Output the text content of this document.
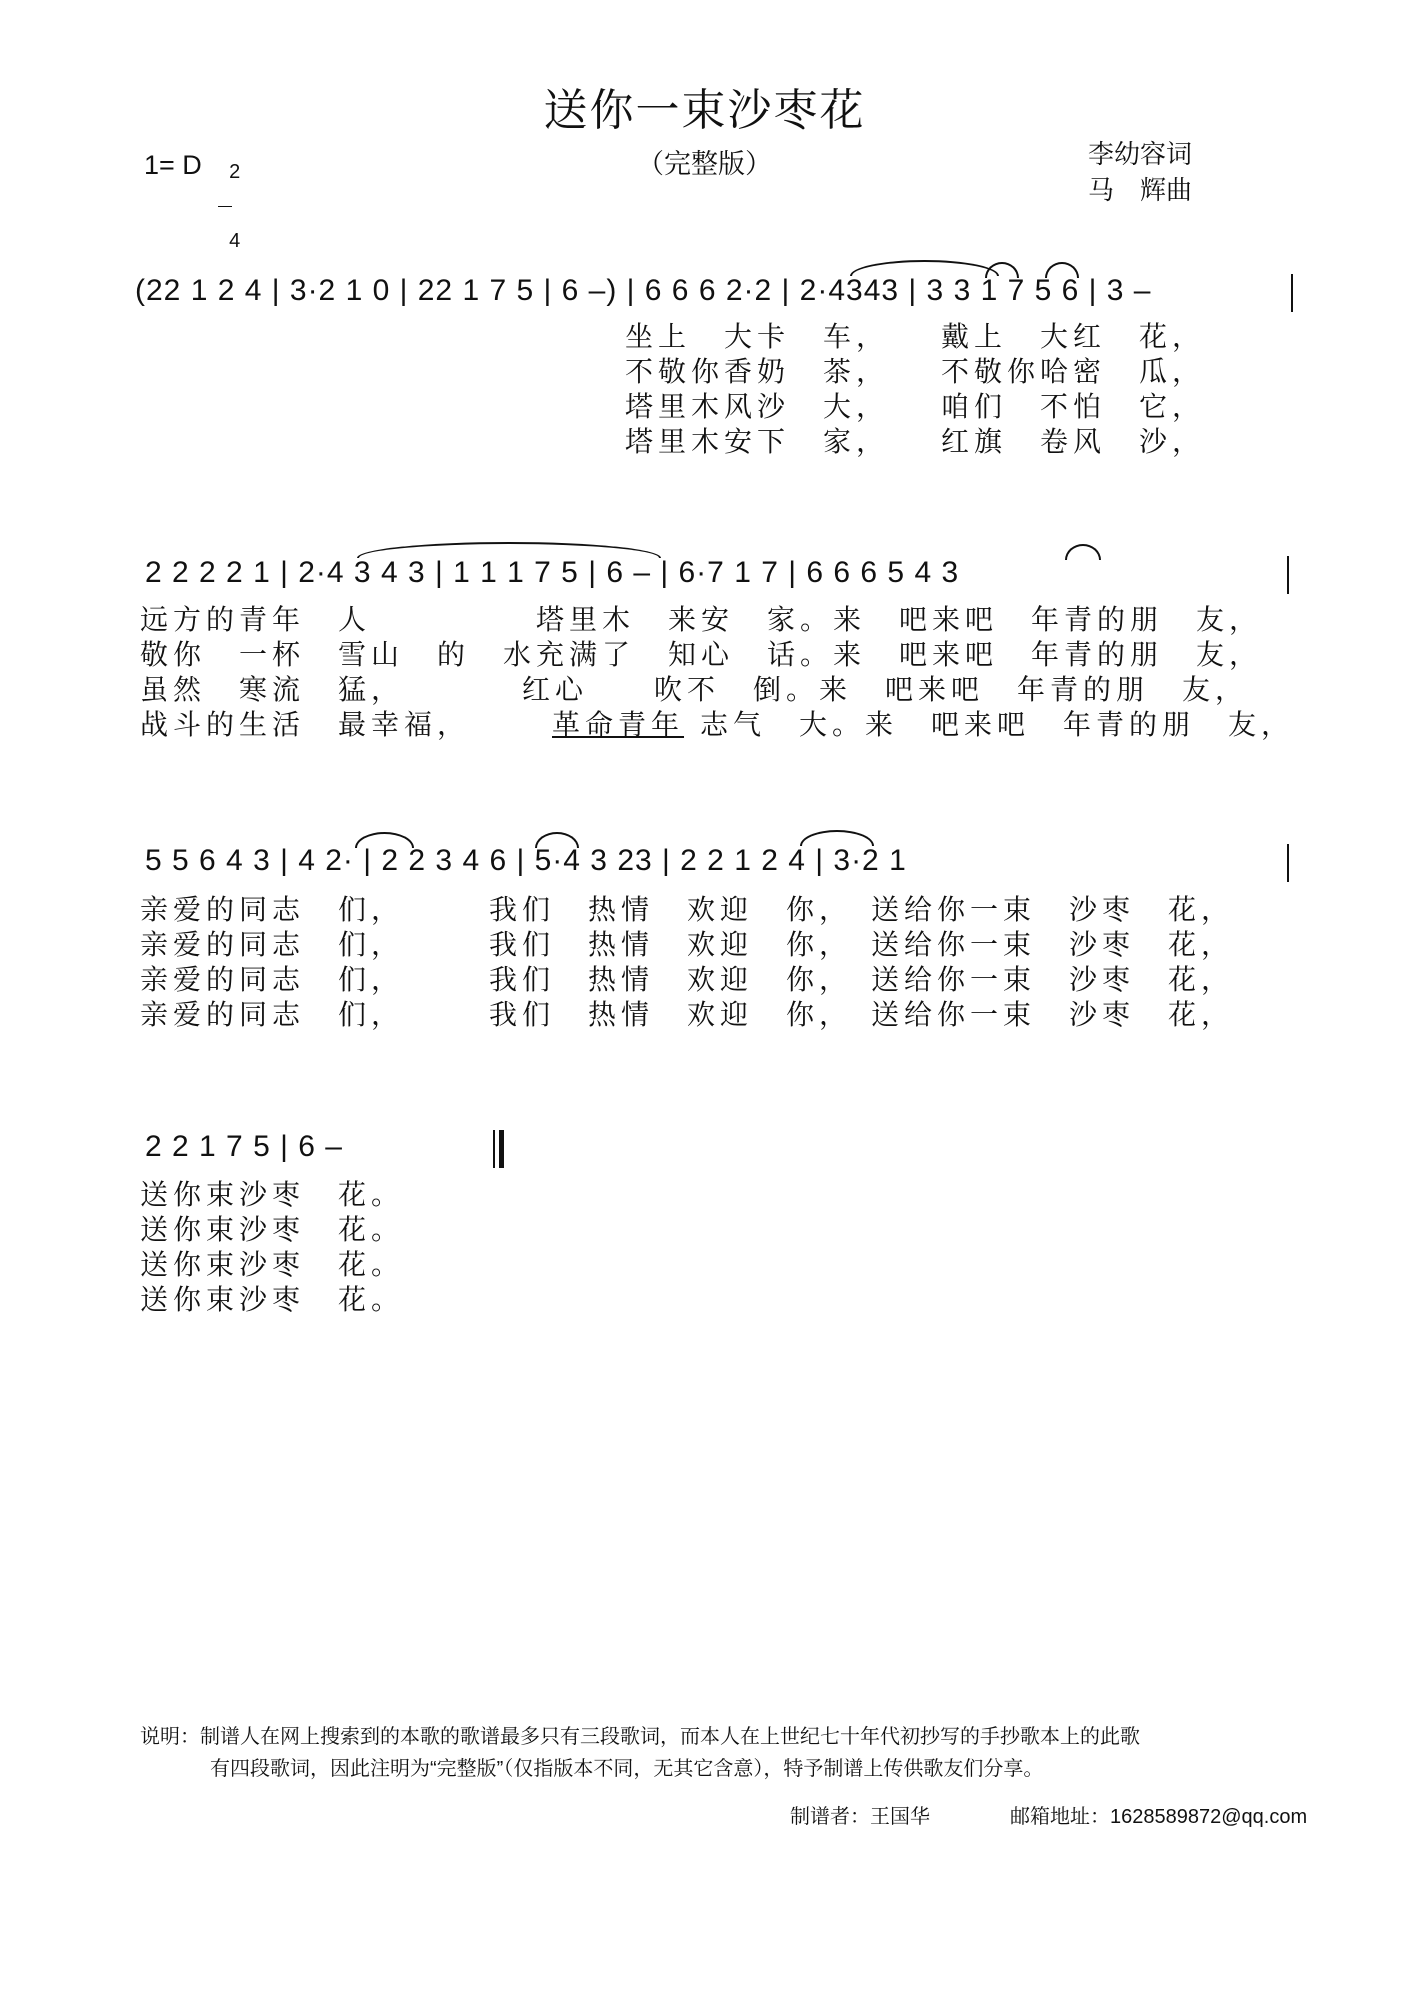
送你一束沙枣花
（完整版）
1= D	2

4

李幼容词
马　辉曲
(22 1 2 4 | 3·2 1 0 | 22 1 7 5 | 6 –) | 6 6 6 2·2 | 2·4343 | 3 3 1 7 5 6 | 3 –
坐上　大卡　车，　　戴上　大红　花，
不敬你香奶　茶，　　不敬你哈密　瓜，
塔里木风沙　大，　　咱们　不怕　它，
塔里木安下　家，　　红旗　卷风　沙，
2 2 2 2 1 | 2·4 3 4 3 | 1 1 1 7 5 | 6 – | 6·7 1 7 | 6 6 6 5 4 3
远方的青年　人　　　　　塔里木　来安　家。来　吧来吧　年青的朋　友，
敬你　一杯　雪山　的　水充满了　知心　话。来　吧来吧　年青的朋　友，
虽然　寒流　猛，　　　　红心　　吹不　倒。来　吧来吧　年青的朋　友，
战斗的生活　最幸福，	革命青年 志气　大。来　吧来吧　年青的朋　友，
5 5 6 4 3 | 4 2· | 2 2 3 4 6 | 5·4 3 23 | 2 2 1 2 4 | 3·2 1
亲爱的同志　们，　　　我们　热情　欢迎　你，　送给你一束　沙枣　花，
亲爱的同志　们，　　　我们　热情　欢迎　你，　送给你一束　沙枣　花，
亲爱的同志　们，　　　我们　热情　欢迎　你，　送给你一束　沙枣　花，
亲爱的同志　们，　　　我们　热情　欢迎　你，　送给你一束　沙枣　花，
2 2 1 7 5 | 6 –
送你束沙枣　花。
送你束沙枣　花。
送你束沙枣　花。
送你束沙枣　花。
说明：制谱人在网上搜索到的本歌的歌谱最多只有三段歌词，而本人在上世纪七十年代初抄写的手抄歌本上的此歌
有四段歌词，因此注明为“完整版”（仅指版本不同，无其它含意），特予制谱上传供歌友们分享。
制谱者：王国华	邮箱地址：1628589872@qq.com
